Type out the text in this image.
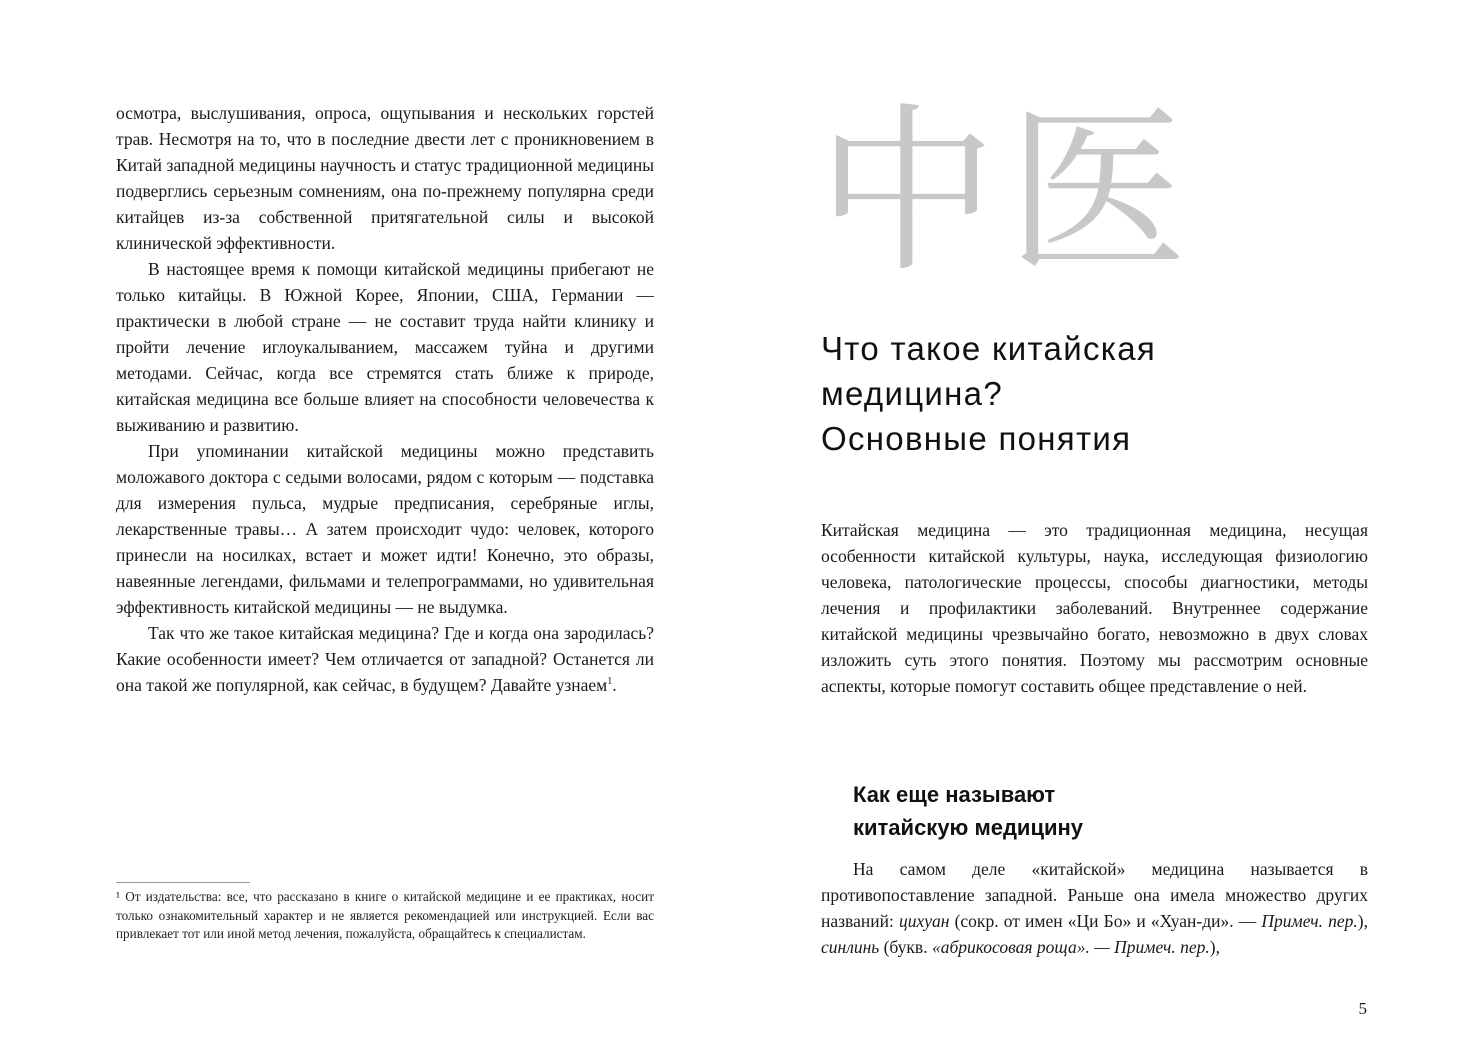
осмотра, выслушивания, опроса, ощупывания и нескольких горстей трав. Несмотря на то, что в последние двести лет с проникновением в Китай западной медицины научность и статус традиционной медицины подверглись серьезным сомнениям, она по-прежнему популярна среди китайцев из-за собственной притягательной силы и высокой клинической эффективности.

В настоящее время к помощи китайской медицины прибегают не только китайцы. В Южной Корее, Японии, США, Германии — практически в любой стране — не составит труда найти клинику и пройти лечение иглоукалыванием, массажем туйна и другими методами. Сейчас, когда все стремятся стать ближе к природе, китайская медицина все больше влияет на способности человечества к выживанию и развитию.

При упоминании китайской медицины можно представить моложавого доктора с седыми волосами, рядом с которым — подставка для измерения пульса, мудрые предписания, серебряные иглы, лекарственные травы… А затем происходит чудо: человек, которого принесли на носилках, встает и может идти! Конечно, это образы, навеянные легендами, фильмами и телепрограммами, но удивительная эффективность китайской медицины — не выдумка.

Так что же такое китайская медицина? Где и когда она зародилась? Какие особенности имеет? Чем отличается от западной? Останется ли она такой же популярной, как сейчас, в будущем? Давайте узнаем$^1$.

¹ От издательства: все, что рассказано в книге о китайской медицине и ее практиках, носит только ознакомительный характер и не является рекомендацией или инструкцией. Если вас привлекает тот или иной метод лечения, пожалуйста, обращайтесь к специалистам.
中医
Что такое китайская
медицина?
Основные понятия

Китайская медицина — это традиционная медицина, несущая особенности китайской культуры, наука, исследующая физиологию человека, патологические процессы, способы диагностики, методы лечения и профилактики заболеваний. Внутреннее содержание китайской медицины чрезвычайно богато, невозможно в двух словах изложить суть этого понятия. Поэтому мы рассмотрим основные аспекты, которые помогут составить общее представление о ней.

Как еще называют
китайскую медицину

На самом деле «китайской» медицина называется в противопоставление западной. Раньше она имела множество других названий: цихуан (сокр. от имен «Ци Бо» и «Хуан-ди». — Примеч. пер.), синлинь (букв. «абрикосовая роща». — Примеч. пер.),

5
